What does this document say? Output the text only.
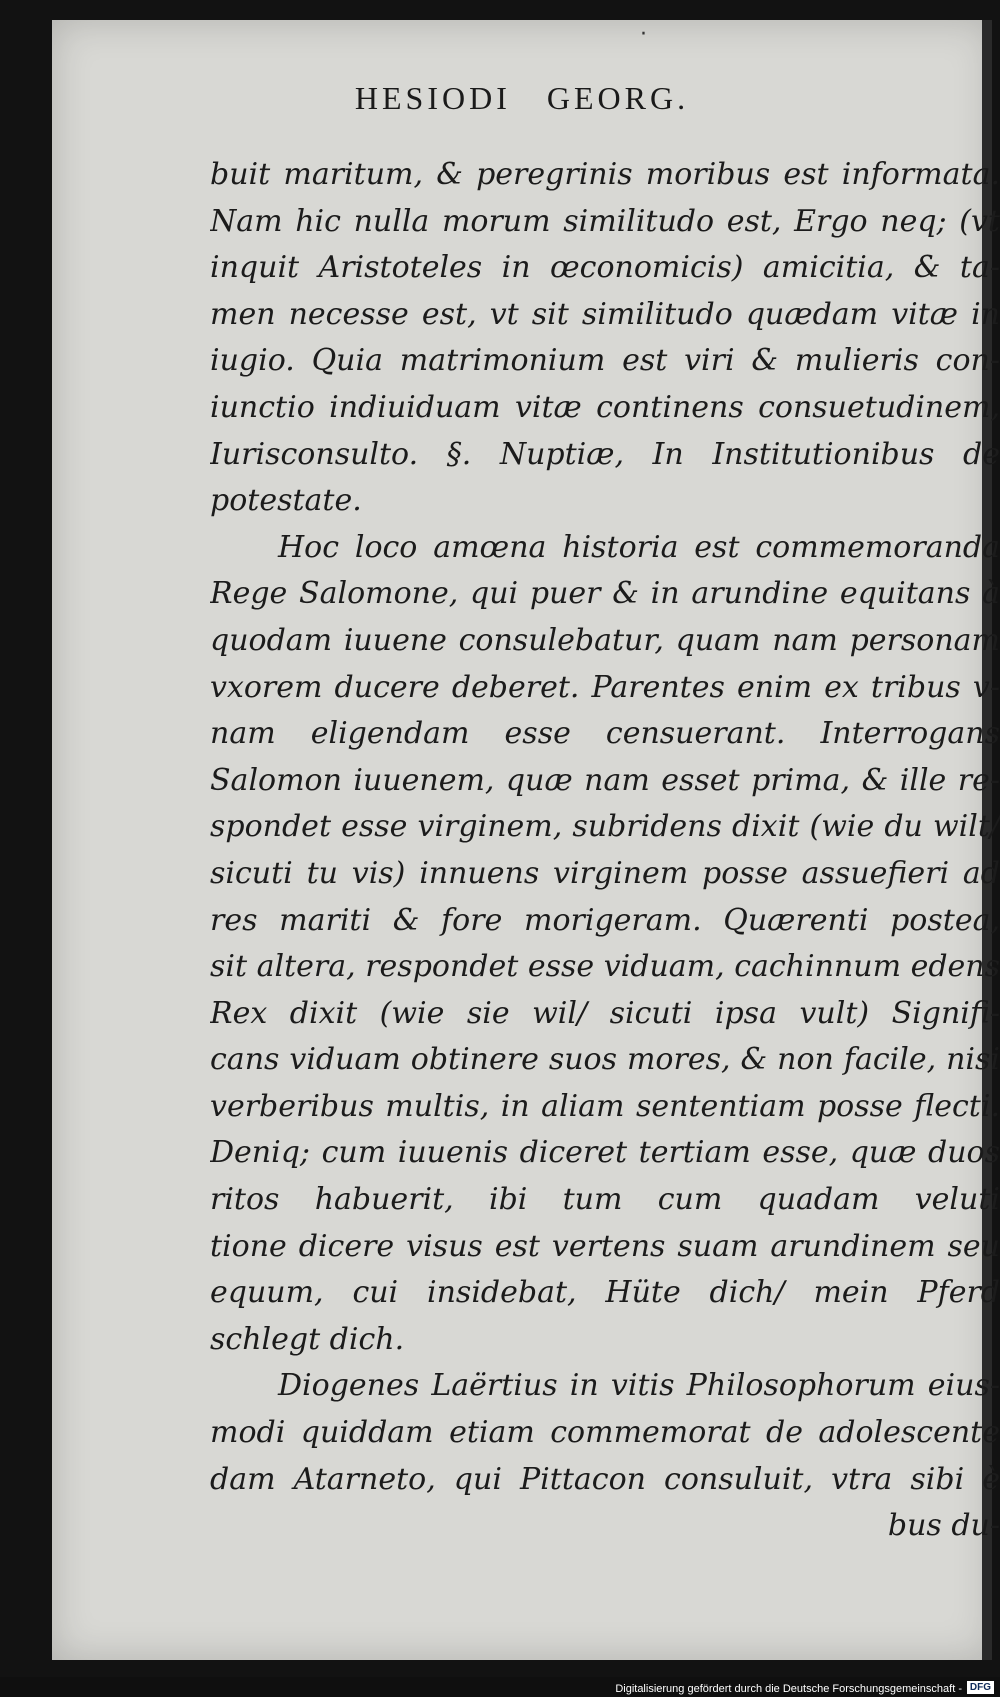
·
HESIODI   GEORG.
buit maritum, & peregrinis moribus est informata.
Nam hic nulla morum similitudo est, Ergo neq; (vt
inquit Aristoteles in œconomicis) amicitia, & ta-
men necesse est, vt sit similitudo quædam vitæ in
iugio. Quia matrimonium est viri & mulieris con-
iunctio indiuiduam vitæ continens consuetudinem,
Iurisconsulto. §. Nuptiæ, In Institutionibus de
potestate.
Hoc loco amœna historia est commemoranda
Rege Salomone, qui puer & in arundine equitans à
quodam iuuene consulebatur, quam nam personam
vxorem ducere deberet. Parentes enim ex tribus v-
nam eligendam esse censuerant. Interrogans
Salomon iuuenem, quæ nam esset prima, & ille re-
spondet esse virginem, subridens dixit (wie du wilt/
sicuti tu vis) innuens virginem posse assuefieri ad
res mariti & fore morigeram. Quærenti postea,
sit altera, respondet esse viduam, cachinnum edens
Rex dixit (wie sie wil/ sicuti ipsa vult) Signifi-
cans viduam obtinere suos mores, & non facile, nisi
verberibus multis, in aliam sententiam posse flecti.
Deniq; cum iuuenis diceret tertiam esse, quæ duos
ritos habuerit, ibi tum cum quadam veluti
tione dicere visus est vertens suam arundinem seu
equum, cui insidebat, Hüte dich/ mein Pferd
schlegt dich.
Diogenes Laërtius in vitis Philosophorum eius-
modi quiddam etiam commemorat de adolescente
dam Atarneto, qui Pittacon consuluit, vtra sibi è
bus du-
Digitalisierung gefördert durch die Deutsche Forschungsgemeinschaft - DFG
